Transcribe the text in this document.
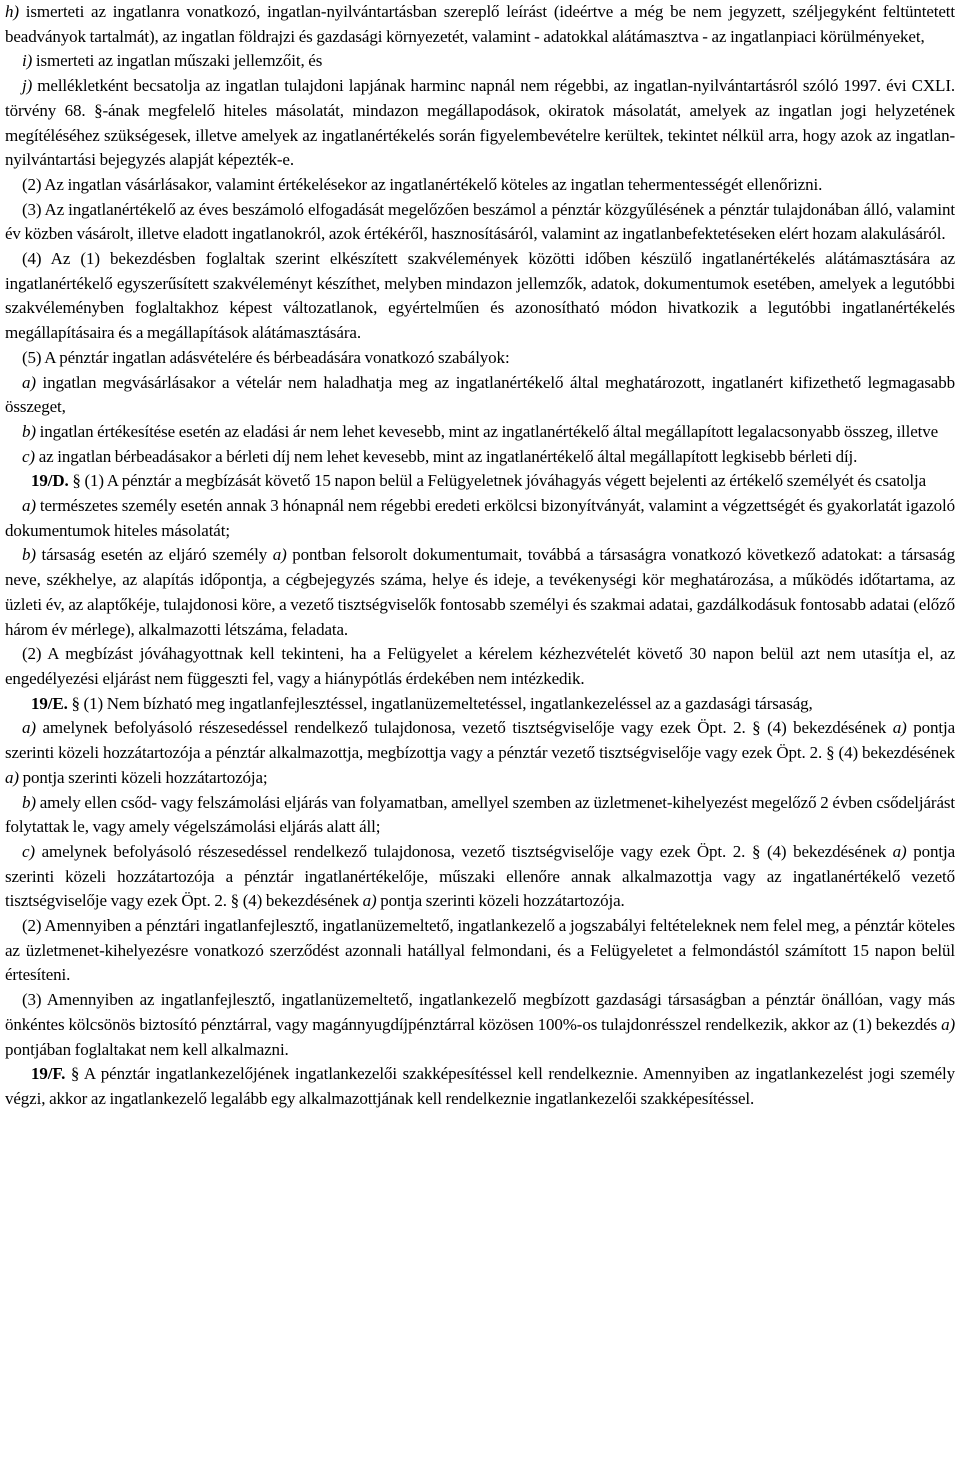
h) ismerteti az ingatlanra vonatkozó, ingatlan-nyilvántartásban szereplő leírást (ideértve a még be nem jegyzett, széljegyként feltüntetett beadványok tartalmát), az ingatlan földrajzi és gazdasági környezetét, valamint - adatokkal alátámasztva - az ingatlanpiaci körülményeket,

i) ismerteti az ingatlan műszaki jellemzőit, és

j) mellékletként becsatolja az ingatlan tulajdoni lapjának harminc napnál nem régebbi, az ingatlan-nyilvántartásról szóló 1997. évi CXLI. törvény 68. §-ának megfelelő hiteles másolatát, mindazon megállapodások, okiratok másolatát, amelyek az ingatlan jogi helyzetének megítéléséhez szükségesek, illetve amelyek az ingatlanértékelés során figyelembevételre kerültek, tekintet nélkül arra, hogy azok az ingatlan-nyilvántartási bejegyzés alapját képezték-e.

(2) Az ingatlan vásárlásakor, valamint értékelésekor az ingatlanértékelő köteles az ingatlan tehermentességét ellenőrizni.

(3) Az ingatlanértékelő az éves beszámoló elfogadását megelőzően beszámol a pénztár közgyűlésének a pénztár tulajdonában álló, valamint év közben vásárolt, illetve eladott ingatlanokról, azok értékéről, hasznosításáról, valamint az ingatlanbefektetéseken elért hozam alakulásáról.

(4) Az (1) bekezdésben foglaltak szerint elkészített szakvélemények közötti időben készülő ingatlanértékelés alátámasztására az ingatlanértékelő egyszerűsített szakvéleményt készíthet, melyben mindazon jellemzők, adatok, dokumentumok esetében, amelyek a legutóbbi szakvéleményben foglaltakhoz képest változatlanok, egyértelműen és azonosítható módon hivatkozik a legutóbbi ingatlanértékelés megállapításaira és a megállapítások alátámasztására.

(5) A pénztár ingatlan adásvételére és bérbeadására vonatkozó szabályok:

a) ingatlan megvásárlásakor a vételár nem haladhatja meg az ingatlanértékelő által meghatározott, ingatlanért kifizethető legmagasabb összeget,

b) ingatlan értékesítése esetén az eladási ár nem lehet kevesebb, mint az ingatlanértékelő által megállapított legalacsonyabb összeg, illetve

c) az ingatlan bérbeadásakor a bérleti díj nem lehet kevesebb, mint az ingatlanértékelő által megállapított legkisebb bérleti díj.

19/D. § (1) A pénztár a megbízását követő 15 napon belül a Felügyeletnek jóváhagyás végett bejelenti az értékelő személyét és csatolja

a) természetes személy esetén annak 3 hónapnál nem régebbi eredeti erkölcsi bizonyítványát, valamint a végzettségét és gyakorlatát igazoló dokumentumok hiteles másolatát;

b) társaság esetén az eljáró személy a) pontban felsorolt dokumentumait, továbbá a társaságra vonatkozó következő adatokat: a társaság neve, székhelye, az alapítás időpontja, a cégbejegyzés száma, helye és ideje, a tevékenységi kör meghatározása, a működés időtartama, az üzleti év, az alaptőkéje, tulajdonosi köre, a vezető tisztségviselők fontosabb személyi és szakmai adatai, gazdálkodásuk fontosabb adatai (előző három év mérlege), alkalmazotti létszáma, feladata.

(2) A megbízást jóváhagyottnak kell tekinteni, ha a Felügyelet a kérelem kézhezvételét követő 30 napon belül azt nem utasítja el, az engedélyezési eljárást nem függeszti fel, vagy a hiánypótlás érdekében nem intézkedik.

19/E. § (1) Nem bízható meg ingatlanfejlesztéssel, ingatlanüzemeltetéssel, ingatlankezeléssel az a gazdasági társaság,

a) amelynek befolyásoló részesedéssel rendelkező tulajdonosa, vezető tisztségviselője vagy ezek Öpt. 2. § (4) bekezdésének a) pontja szerinti közeli hozzátartozója a pénztár alkalmazottja, megbízottja vagy a pénztár vezető tisztségviselője vagy ezek Öpt. 2. § (4) bekezdésének a) pontja szerinti közeli hozzátartozója;

b) amely ellen csőd- vagy felszámolási eljárás van folyamatban, amellyel szemben az üzletmenet-kihelyezést megelőző 2 évben csődeljárást folytattak le, vagy amely végelszámolási eljárás alatt áll;

c) amelynek befolyásoló részesedéssel rendelkező tulajdonosa, vezető tisztségviselője vagy ezek Öpt. 2. § (4) bekezdésének a) pontja szerinti közeli hozzátartozója a pénztár ingatlanértékelője, műszaki ellenőre annak alkalmazottja vagy az ingatlanértékelő vezető tisztségviselője vagy ezek Öpt. 2. § (4) bekezdésének a) pontja szerinti közeli hozzátartozója.

(2) Amennyiben a pénztári ingatlanfejlesztő, ingatlanüzemeltető, ingatlankezelő a jogszabályi feltételeknek nem felel meg, a pénztár köteles az üzletmenet-kihelyezésre vonatkozó szerződést azonnali hatállyal felmondani, és a Felügyeletet a felmondástól számított 15 napon belül értesíteni.

(3) Amennyiben az ingatlanfejlesztő, ingatlanüzemeltető, ingatlankezelő megbízott gazdasági társaságban a pénztár önállóan, vagy más önkéntes kölcsönös biztosító pénztárral, vagy magánnyugdíjpénztárral közösen 100%-os tulajdonrésszel rendelkezik, akkor az (1) bekezdés a) pontjában foglaltakat nem kell alkalmazni.

19/F. § A pénztár ingatlankezelőjének ingatlankezelői szakképesítéssel kell rendelkeznie. Amennyiben az ingatlankezelést jogi személy végzi, akkor az ingatlankezelő legalább egy alkalmazottjának kell rendelkeznie ingatlankezelői szakképesítéssel.
